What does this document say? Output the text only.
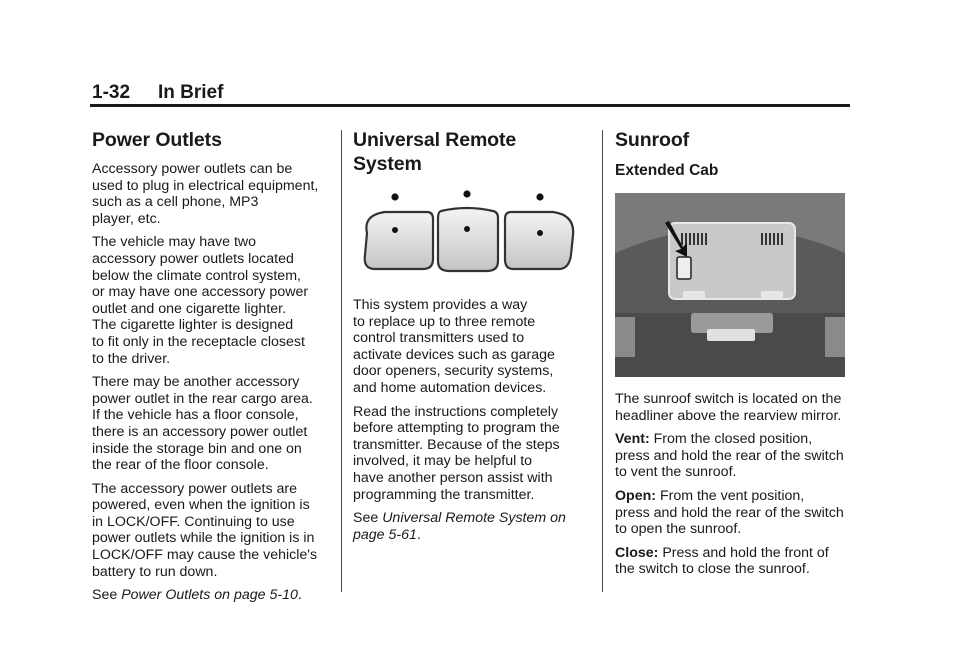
1-32 In Brief
Power Outlets

Accessory power outlets can be
used to plug in electrical equipment,
such as a cell phone, MP3
player, etc.

The vehicle may have two
accessory power outlets located
below the climate control system,
or may have one accessory power
outlet and one cigarette lighter.
The cigarette lighter is designed
to fit only in the receptacle closest
to the driver.

There may be another accessory
power outlet in the rear cargo area.
If the vehicle has a floor console,
there is an accessory power outlet
inside the storage bin and one on
the rear of the floor console.

The accessory power outlets are
powered, even when the ignition is
in LOCK/OFF. Continuing to use
power outlets while the ignition is in
LOCK/OFF may cause the vehicle's
battery to run down.

See Power Outlets on page 5-10.

Universal Remote System

This system provides a way
to replace up to three remote
control transmitters used to
activate devices such as garage
door openers, security systems,
and home automation devices.

Read the instructions completely
before attempting to program the
transmitter. Because of the steps
involved, it may be helpful to
have another person assist with
programming the transmitter.

See Universal Remote System on
page 5-61.

Sunroof
Extended Cab

The sunroof switch is located on the
headliner above the rearview mirror.

Vent: From the closed position,
press and hold the rear of the switch
to vent the sunroof.

Open: From the vent position,
press and hold the rear of the switch
to open the sunroof.

Close: Press and hold the front of
the switch to close the sunroof.
